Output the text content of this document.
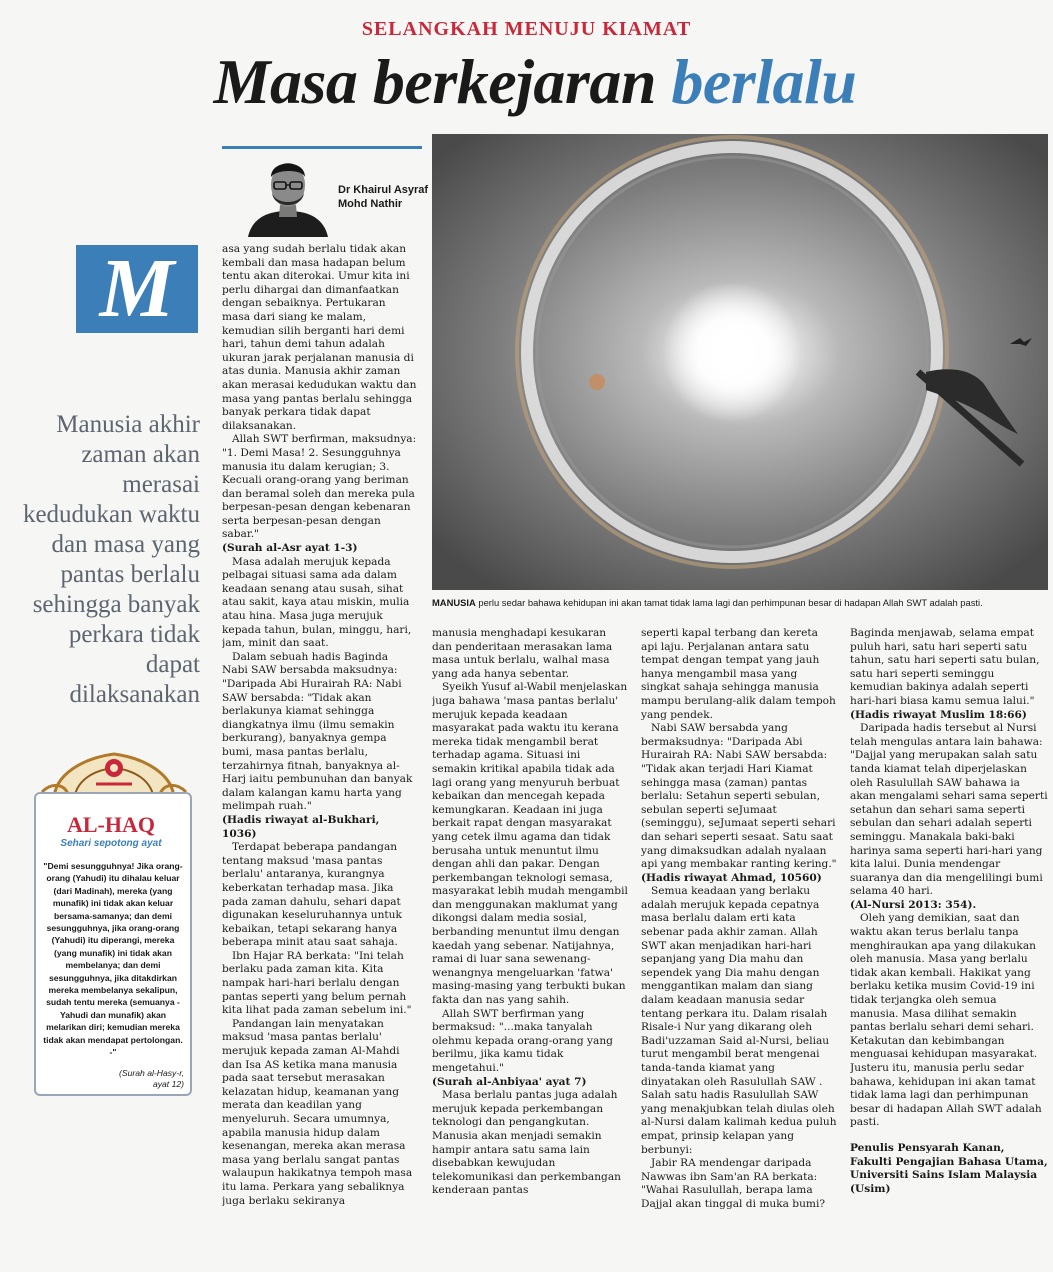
SELANGKAH MENUJU KIAMAT
Masa berkejaran berlalu
Dr Khairul Asyraf
Mohd Nathir
M
Manusia akhir zaman akan merasai kedudukan waktu dan masa yang pantas berlalu sehingga banyak perkara tidak dapat dilaksanakan
AL-HAQ
Sehari sepotong ayat
"Demi sesungguhnya! Jika orang-orang (Yahudi) itu dihalau keluar (dari Madinah), mereka (yang munafik) ini tidak akan keluar bersama-samanya; dan demi sesungguhnya, jika orang-orang (Yahudi) itu diperangi, mereka (yang munafik) ini tidak akan membelanya; dan demi sesungguhnya, jika ditakdirkan mereka membelanya sekalipun, sudah tentu mereka (semuanya - Yahudi dan munafik) akan melarikan diri; kemudian mereka tidak akan mendapat pertolongan. -"
(Surah al-Hasy-r,
ayat 12)
MANUSIA perlu sedar bahawa kehidupan ini akan tamat tidak lama lagi dan perhimpunan besar di hadapan Allah SWT adalah pasti.

asa yang sudah berlalu tidak akan kembali dan masa hadapan belum tentu akan diterokai. Umur kita ini perlu dihargai dan dimanfaatkan dengan sebaiknya. Pertukaran masa dari siang ke malam, kemudian silih berganti hari demi hari, tahun demi tahun adalah ukuran jarak perjalanan manusia di atas dunia. Manusia akhir zaman akan merasai kedudukan waktu dan masa yang pantas berlalu sehingga banyak perkara tidak dapat dilaksanakan.

Allah SWT berfirman, maksudnya: "1. Demi Masa! 2. Sesungguhnya manusia itu dalam kerugian; 3. Kecuali orang-orang yang beriman dan beramal soleh dan mereka pula berpesan-pesan dengan kebenaran serta berpesan-pesan dengan sabar."

(Surah al-Asr ayat 1-3)

Masa adalah merujuk kepada pelbagai situasi sama ada dalam keadaan senang atau susah, sihat atau sakit, kaya atau miskin, mulia atau hina. Masa juga merujuk kepada tahun, bulan, minggu, hari, jam, minit dan saat.

Dalam sebuah hadis Baginda Nabi SAW bersabda maksudnya: "Daripada Abi Hurairah RA: Nabi SAW bersabda: "Tidak akan berlakunya kiamat sehingga diangkatnya ilmu (ilmu semakin berkurang), banyaknya gempa bumi, masa pantas berlalu, terzahirnya fitnah, banyaknya al-Harj iaitu pembunuhan dan banyak dalam kalangan kamu harta yang melimpah ruah."

(Hadis riwayat al-Bukhari, 1036)

Terdapat beberapa pandangan tentang maksud 'masa pantas berlalu' antaranya, kurangnya keberkatan terhadap masa. Jika pada zaman dahulu, sehari dapat digunakan keseluruhannya untuk kebaikan, tetapi sekarang hanya beberapa minit atau saat sahaja.

Ibn Hajar RA berkata: "Ini telah berlaku pada zaman kita. Kita nampak hari-hari berlalu dengan pantas seperti yang belum pernah kita lihat pada zaman sebelum ini."

Pandangan lain menyatakan maksud 'masa pantas berlalu' merujuk kepada zaman Al-Mahdi dan Isa AS ketika mana manusia pada saat tersebut merasakan kelazatan hidup, keamanan yang merata dan keadilan yang menyeluruh. Secara umumnya, apabila manusia hidup dalam kesenangan, mereka akan merasa masa yang berlalu sangat pantas walaupun hakikatnya tempoh masa itu lama. Perkara yang sebaliknya juga berlaku sekiranya

manusia menghadapi kesukaran dan penderitaan merasakan lama masa untuk berlalu, walhal masa yang ada hanya sebentar.

Syeikh Yusuf al-Wabil menjelaskan juga bahawa 'masa pantas berlalu' merujuk kepada keadaan masyarakat pada waktu itu kerana mereka tidak mengambil berat terhadap agama. Situasi ini semakin kritikal apabila tidak ada lagi orang yang menyuruh berbuat kebaikan dan mencegah kepada kemungkaran. Keadaan ini juga berkait rapat dengan masyarakat yang cetek ilmu agama dan tidak berusaha untuk menuntut ilmu dengan ahli dan pakar. Dengan perkembangan teknologi semasa, masyarakat lebih mudah mengambil dan menggunakan maklumat yang dikongsi dalam media sosial, berbanding menuntut ilmu dengan kaedah yang sebenar. Natijahnya, ramai di luar sana sewenang-wenangnya mengeluarkan 'fatwa' masing-masing yang terbukti bukan fakta dan nas yang sahih.

Allah SWT berfirman yang bermaksud: "...maka tanyalah olehmu kepada orang-orang yang berilmu, jika kamu tidak mengetahui."

(Surah al-Anbiyaa' ayat 7)

Masa berlalu pantas juga adalah merujuk kepada perkembangan teknologi dan pengangkutan. Manusia akan menjadi semakin hampir antara satu sama lain disebabkan kewujudan telekomunikasi dan perkembangan kenderaan pantas

seperti kapal terbang dan kereta api laju. Perjalanan antara satu tempat dengan tempat yang jauh hanya mengambil masa yang singkat sahaja sehingga manusia mampu berulang-alik dalam tempoh yang pendek.

Nabi SAW bersabda yang bermaksudnya: "Daripada Abi Hurairah RA: Nabi SAW bersabda: "Tidak akan terjadi Hari Kiamat sehingga masa (zaman) pantas berlalu: Setahun seperti sebulan, sebulan seperti seJumaat (seminggu), seJumaat seperti sehari dan sehari seperti sesaat. Satu saat yang dimaksudkan adalah nyalaan api yang membakar ranting kering."

(Hadis riwayat Ahmad, 10560)

Semua keadaan yang berlaku adalah merujuk kepada cepatnya masa berlalu dalam erti kata sebenar pada akhir zaman. Allah SWT akan menjadikan hari-hari sepanjang yang Dia mahu dan sependek yang Dia mahu dengan menggantikan malam dan siang dalam keadaan manusia sedar tentang perkara itu. Dalam risalah Risale-i Nur yang dikarang oleh Badi'uzzaman Said al-Nursi, beliau turut mengambil berat mengenai tanda-tanda kiamat yang dinyatakan oleh Rasulullah SAW . Salah satu hadis Rasulullah SAW yang menakjubkan telah diulas oleh al-Nursi dalam kalimah kedua puluh empat, prinsip kelapan yang berbunyi:

Jabir RA mendengar daripada Nawwas ibn Sam'an RA berkata: "Wahai Rasulullah, berapa lama Dajjal akan tinggal di muka bumi?

Baginda menjawab, selama empat puluh hari, satu hari seperti satu tahun, satu hari seperti satu bulan, satu hari seperti seminggu kemudian bakinya adalah seperti hari-hari biasa kamu semua lalui."

(Hadis riwayat Muslim 18:66)

Daripada hadis tersebut al Nursi telah mengulas antara lain bahawa: "Dajjal yang merupakan salah satu tanda kiamat telah diperjelaskan oleh Rasulullah SAW bahawa ia akan mengalami sehari sama seperti setahun dan sehari sama seperti sebulan dan sehari adalah seperti seminggu. Manakala baki-baki harinya sama seperti hari-hari yang kita lalui. Dunia mendengar suaranya dan dia mengelilingi bumi selama 40 hari.

(Al-Nursi 2013: 354).

Oleh yang demikian, saat dan waktu akan terus berlalu tanpa menghiraukan apa yang dilakukan oleh manusia. Masa yang berlalu tidak akan kembali. Hakikat yang berlaku ketika musim Covid-19 ini tidak terjangka oleh semua manusia. Masa dilihat semakin pantas berlalu sehari demi sehari. Ketakutan dan kebimbangan menguasai kehidupan masyarakat. Justeru itu, manusia perlu sedar bahawa, kehidupan ini akan tamat tidak lama lagi dan perhimpunan besar di hadapan Allah SWT adalah pasti.

Penulis Pensyarah Kanan, Fakulti Pengajian Bahasa Utama, Universiti Sains Islam Malaysia (Usim)
